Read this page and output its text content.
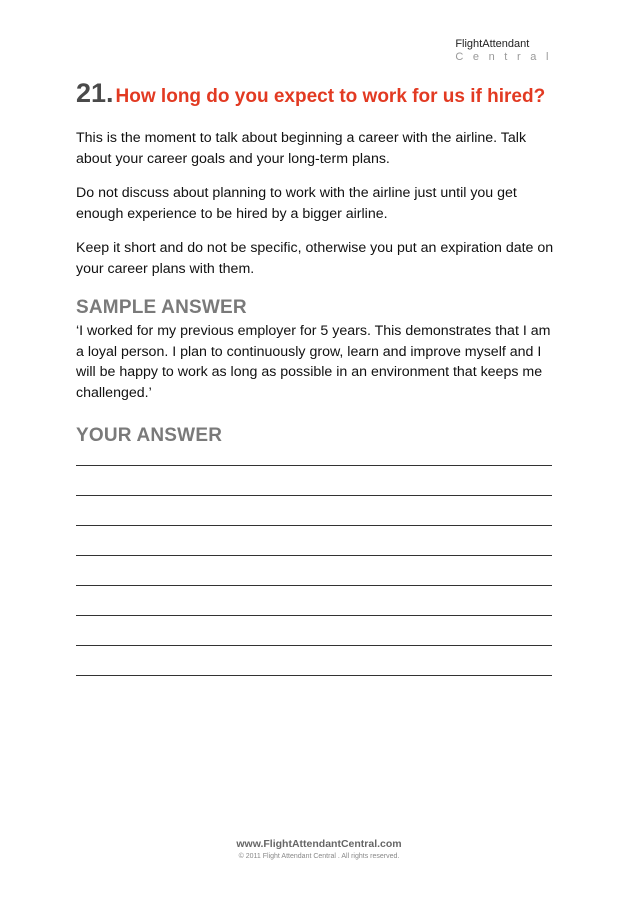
FlightAttendant
Central
21. How long do you expect to work for us if hired?

This is the moment to talk about beginning a career with the airline. Talk about your career goals and your long-term plans.

Do not discuss about planning to work with the airline just until you get enough experience to be hired by a bigger airline.

Keep it short and do not be specific, otherwise you put an expiration date on your career plans with them.

SAMPLE ANSWER

‘I worked for my previous employer for 5 years. This demonstrates that I am a loyal person. I plan to continuously grow, learn and improve myself and I will be happy to work as long as possible in an environment that keeps me challenged.’

YOUR ANSWER
www.FlightAttendantCentral.com
© 2011 Flight Attendant Central . All rights reserved.
